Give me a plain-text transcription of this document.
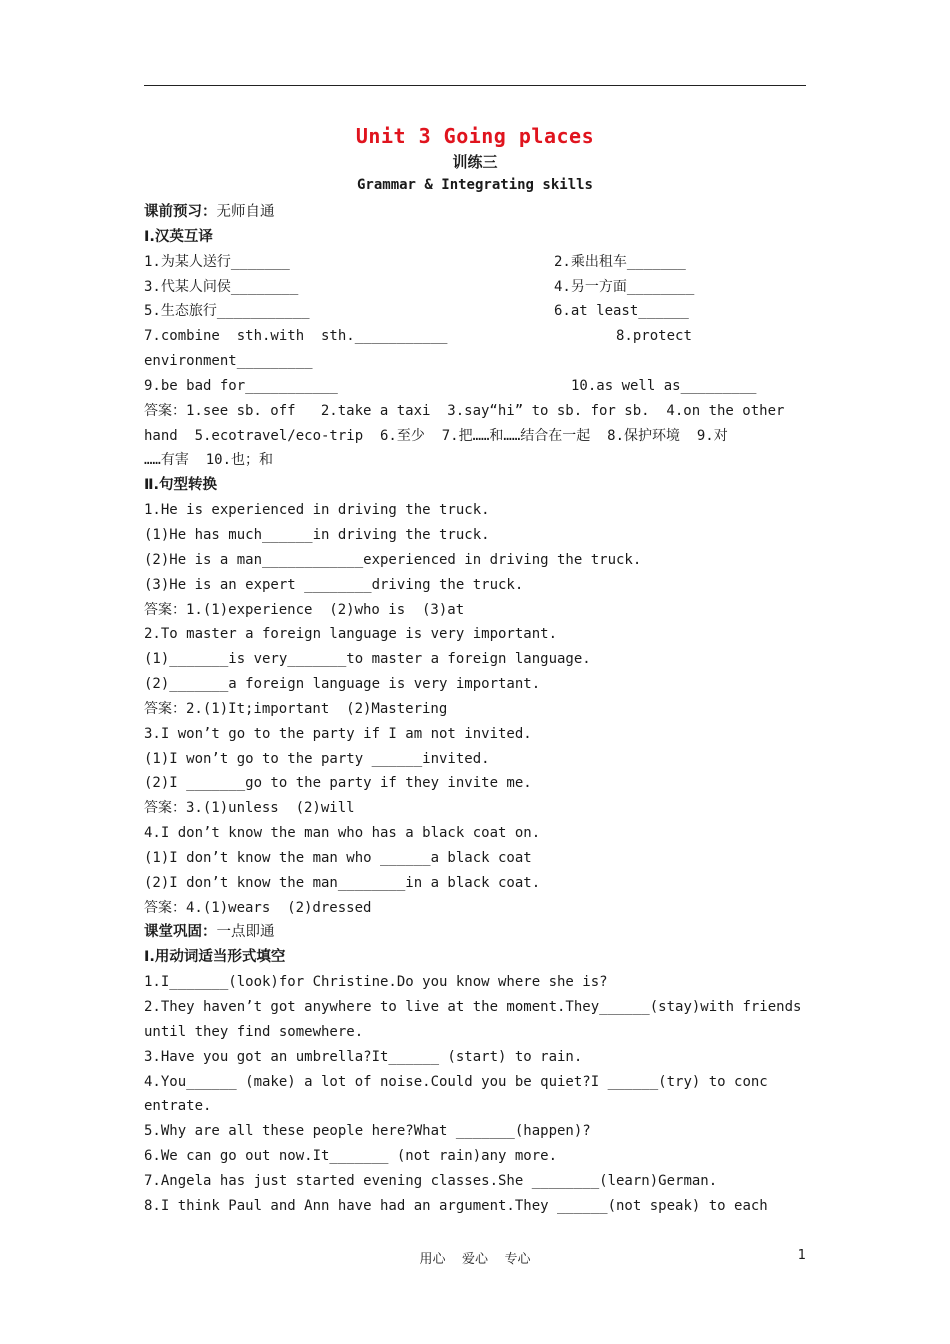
Unit 3 Going places
训练三
Grammar & Integrating skills
课前预习：无师自通
Ⅰ.汉英互译
1.为某人送行_______	2.乘出租车_______
3.代某人问侯________	4.另一方面________
5.生态旅行___________	6.at least______
7.combine  sth.with  sth.___________                    8.protect
environment_________
9.be bad for___________	10.as well as_________
答案：1.see sb. off   2.take a taxi  3.say“hi” to sb. for sb.  4.on the other
hand  5.ecotravel/eco-trip  6.至少  7.把……和……结合在一起  8.保护环境  9.对
……有害  10.也；和
Ⅱ.句型转换
1.He is experienced in driving the truck.
(1)He has much______in driving the truck.
(2)He is a man____________experienced in driving the truck.
(3)He is an expert ________driving the truck.
答案：1.(1)experience  (2)who is  (3)at
2.To master a foreign language is very important.
(1)_______is very_______to master a foreign language.
(2)_______a foreign language is very important.
答案：2.(1)It;important  (2)Mastering
3.I won’t go to the party if I am not invited.
(1)I won’t go to the party ______invited.
(2)I _______go to the party if they invite me.
答案：3.(1)unless  (2)will
4.I don’t know the man who has a black coat on.
(1)I don’t know the man who ______a black coat
(2)I don’t know the man________in a black coat.
答案：4.(1)wears  (2)dressed
课堂巩固：一点即通
Ⅰ.用动词适当形式填空
1.I_______(look)for Christine.Do you know where she is?
2.They haven’t got anywhere to live at the moment.They______(stay)with friends
until they find somewhere.
3.Have you got an umbrella?It______ (start) to rain.
4.You______ (make) a lot of noise.Could you be quiet?I ______(try) to conc
entrate.
5.Why are all these people here?What _______(happen)?
6.We can go out now.It_______ (not rain)any more.
7.Angela has just started evening classes.She ________(learn)German.
8.I think Paul and Ann have had an argument.They ______(not speak) to each
用心    爱心    专心	1
